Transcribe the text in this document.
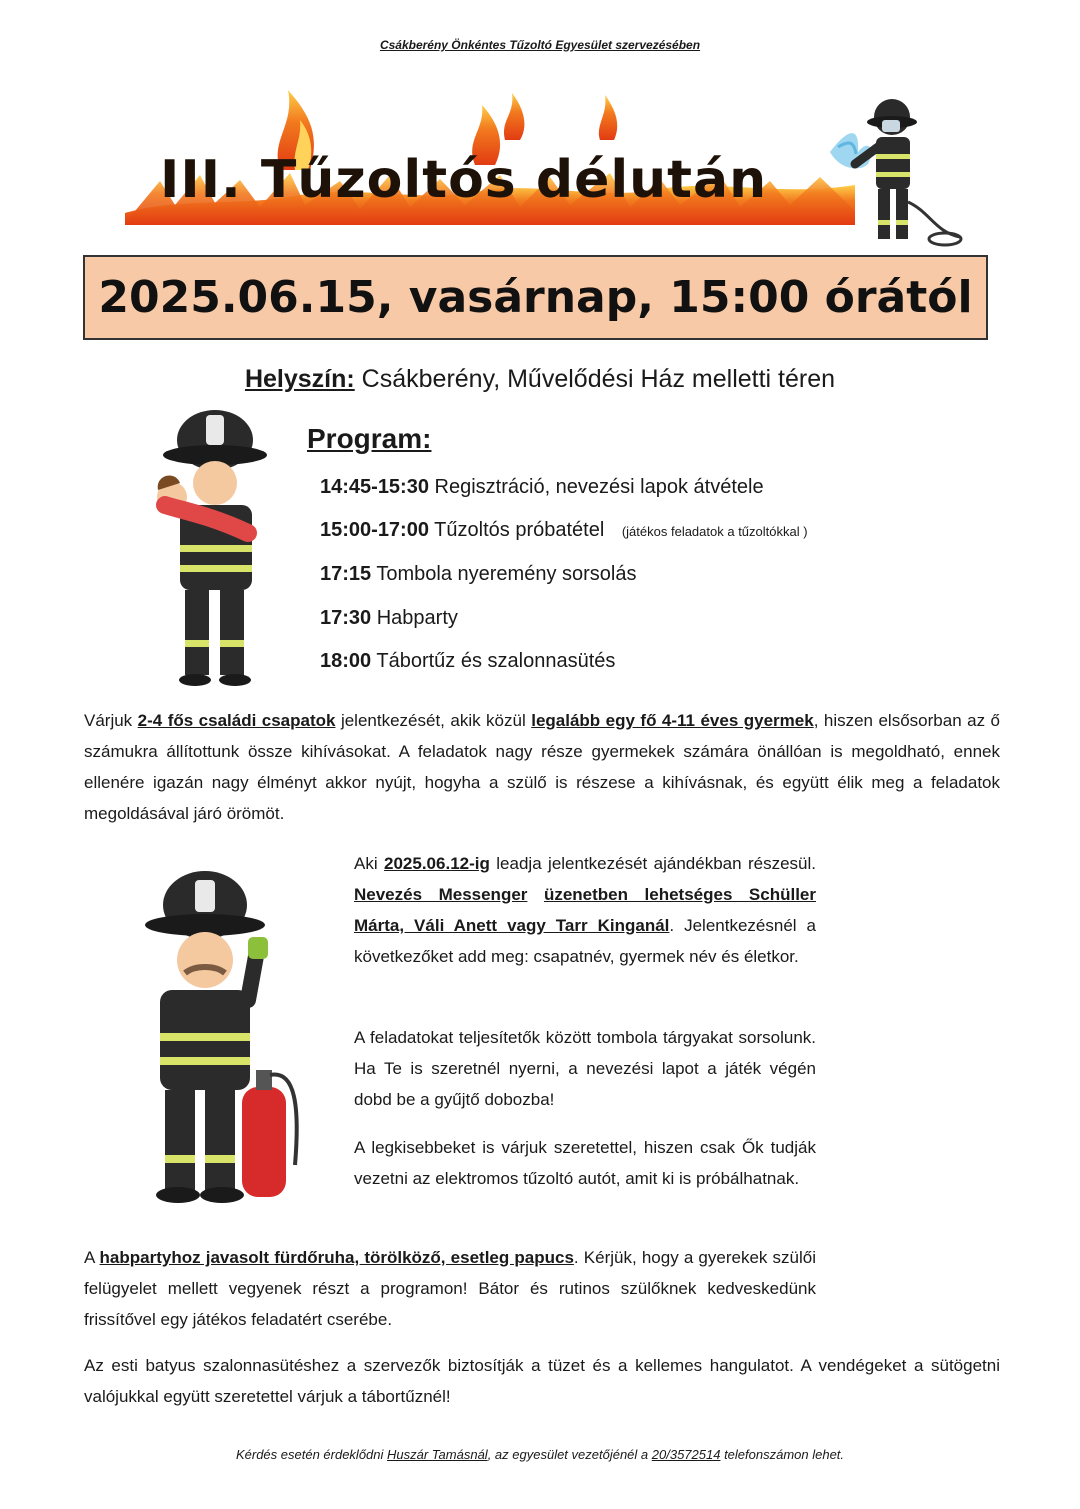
Csákberény Önkéntes Tűzoltó Egyesület szervezésében
III. Tűzoltós délután
2025.06.15, vasárnap, 15:00 órától
Helyszín: Csákberény, Művelődési Ház melletti téren
Program:
14:45-15:30 Regisztráció, nevezési lapok átvétele
15:00-17:00 Tűzoltós próbatétel (játékos feladatok a tűzoltókkal )
17:15 Tombola nyeremény sorsolás
17:30 Habparty
18:00 Tábortűz és szalonnasütés
Várjuk 2-4 fős családi csapatok jelentkezését, akik közül legalább egy fő 4-11 éves gyermek, hiszen elsősorban az ő számukra állítottunk össze kihívásokat. A feladatok nagy része gyermekek számára önállóan is megoldható, ennek ellenére igazán nagy élményt akkor nyújt, hogyha a szülő is részese a kihívásnak, és együtt élik meg a feladatok megoldásával járó örömöt.
Aki 2025.06.12-ig leadja jelentkezését ajándékban részesül. Nevezés Messenger üzenetben lehetséges Schüller Márta, Váli Anett vagy Tarr Kinganál. Jelentkezésnél a következőket add meg: csapatnév, gyermek név és életkor.
A feladatokat teljesítetők között tombola tárgyakat sorsolunk. Ha Te is szeretnél nyerni, a nevezési lapot a játék végén dobd be a gyűjtő dobozba!
A legkisebbeket is várjuk szeretettel, hiszen csak Ők tudják vezetni az elektromos tűzoltó autót, amit ki is próbálhatnak.
A habpartyhoz javasolt fürdőruha, törölköző, esetleg papucs. Kérjük, hogy a gyerekek szülői felügyelet mellett vegyenek részt a programon! Bátor és rutinos szülőknek kedveskedünk frissítővel egy játékos feladatért cserébe.
Az esti batyus szalonnasütéshez a szervezők biztosítják a tüzet és a kellemes hangulatot. A vendégeket a sütögetni valójukkal együtt szeretettel várjuk a tábortűznél!
Kérdés esetén érdeklődni Huszár Tamásnál, az egyesület vezetőjénél a 20/3572514 telefonszámon lehet.
